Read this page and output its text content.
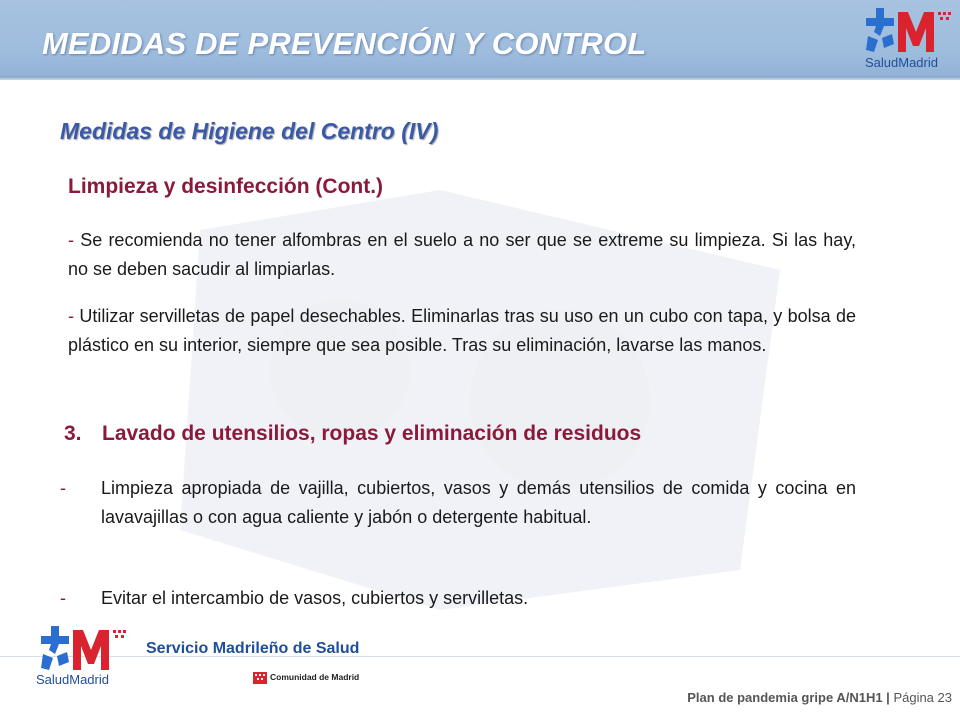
MEDIDAS DE PREVENCIÓN Y CONTROL
SaludMadrid
Medidas de Higiene del Centro (IV)
Limpieza y desinfección (Cont.)
- Se recomienda no tener alfombras en el suelo a no ser que se extreme su limpieza. Si las hay, no se deben sacudir al limpiarlas.
- Utilizar servilletas de papel desechables. Eliminarlas tras su uso en un cubo con tapa, y bolsa de plástico en su interior, siempre que sea posible. Tras su eliminación, lavarse las manos.
3. Lavado de utensilios, ropas y eliminación de residuos
- Limpieza apropiada de vajilla, cubiertos, vasos y demás utensilios de comida y cocina en lavavajillas o con agua caliente y jabón o detergente habitual.
- Evitar el intercambio de vasos, cubiertos y servilletas.
SaludMadrid
Servicio Madrileño de Salud
Comunidad de Madrid
Plan de pandemia gripe A/N1H1 | Página 23
